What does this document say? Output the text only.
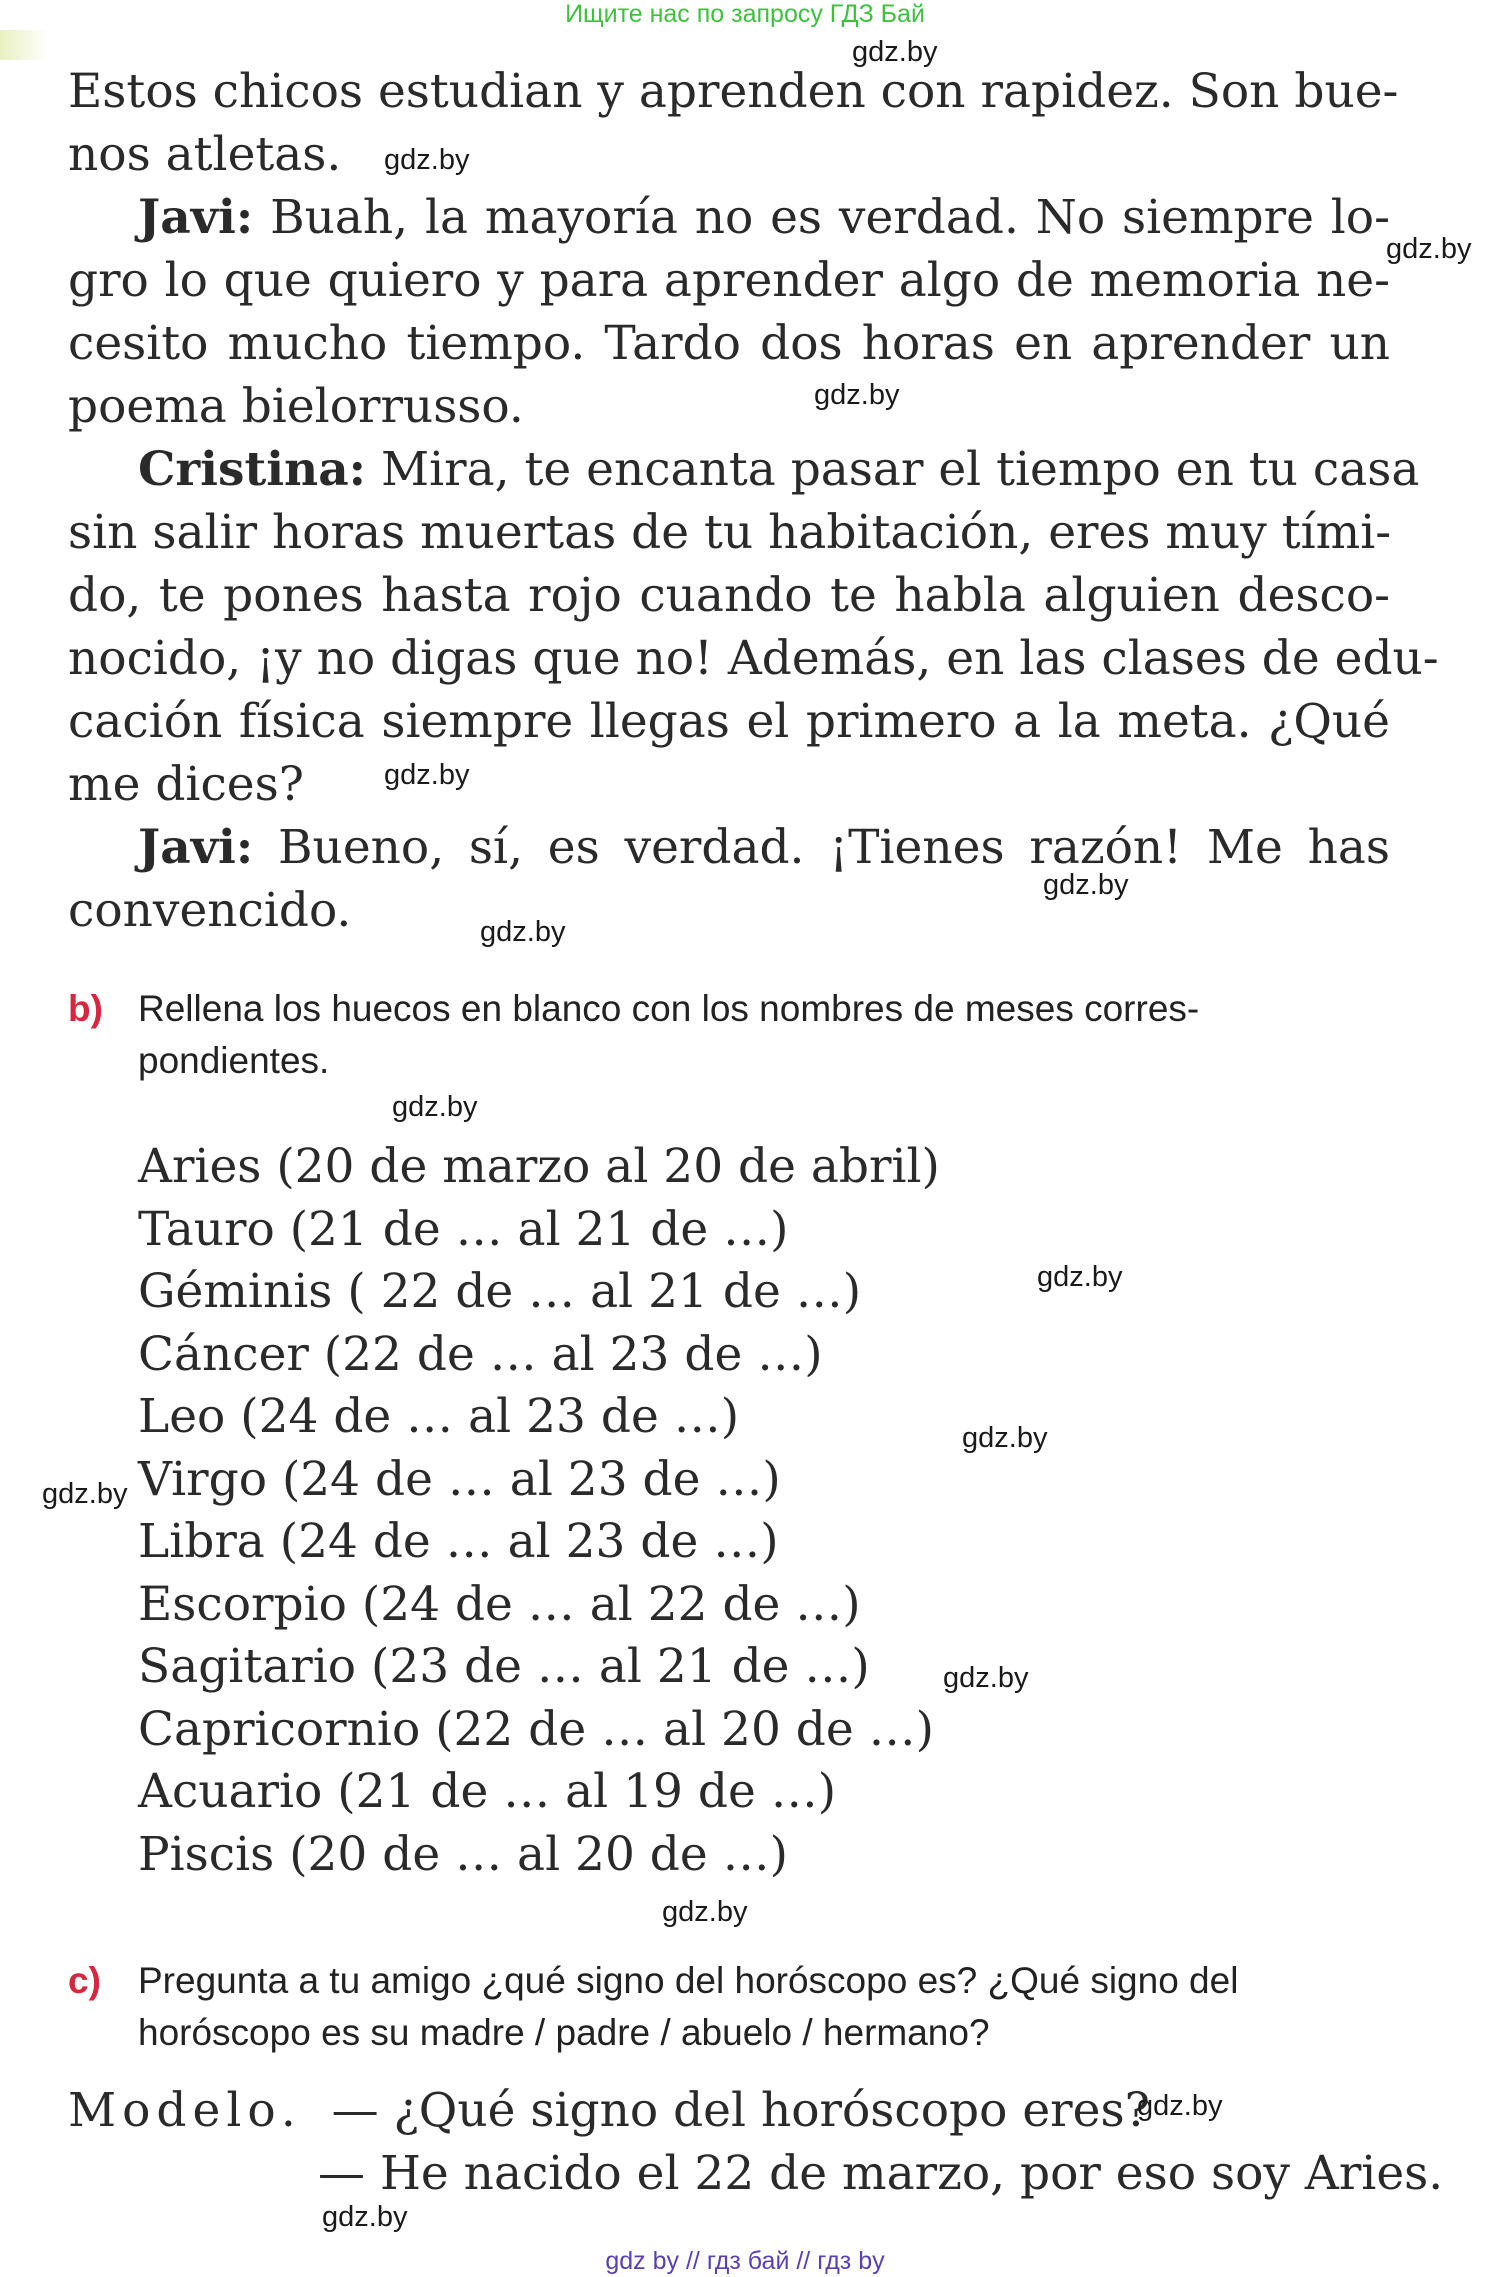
Ищите нас по запросу ГДЗ Бай
Estos chicos estudian y aprenden con rapidez. Son bue-
nos atletas.
Javi: Buah, la mayoría no es verdad. No siempre lo-
gro lo que quiero y para aprender algo de memoria ne-
cesito mucho tiempo. Tardo dos horas en aprender un
poema bielorrusso.
Cristina: Mira, te encanta pasar el tiempo en tu casa
sin salir horas muertas de tu habitación, eres muy tími-
do, te pones hasta rojo cuando te habla alguien desco-
nocido, ¡y no digas que no! Además, en las clases de edu-
cación física siempre llegas el primero a la meta. ¿Qué
me dices?
Javi: Bueno, sí, es verdad. ¡Tienes razón! Me has
convencido.
b) Rellena los huecos en blanco con los nombres de meses corres-pondientes.
Aries (20 de marzo al 20 de abril)
Tauro (21 de … al 21 de …)
Géminis ( 22 de … al 21 de …)
Cáncer (22 de … al 23 de …)
Leo (24 de … al 23 de …)
Virgo (24 de … al 23 de …)
Libra (24 de … al 23 de …)
Escorpio (24 de … al 22 de …)
Sagitario (23 de … al 21 de …)
Capricornio (22 de … al 20 de …)
Acuario (21 de … al 19 de …)
Piscis (20 de … al 20 de …)
c) Pregunta a tu amigo ¿qué signo del horóscopo es? ¿Qué signo del horóscopo es su madre / padre / abuelo / hermano?
Modelo. — ¿Qué signo del horóscopo eres?
— He nacido el 22 de marzo, por eso soy Aries.
gdz.by
gdz.by
gdz.by
gdz.by
gdz.by
gdz.by
gdz.by
gdz.by
gdz.by
gdz.by
gdz.by
gdz.by
gdz.by
gdz.by
gdz.by
gdz by // гдз бай // гдз by
